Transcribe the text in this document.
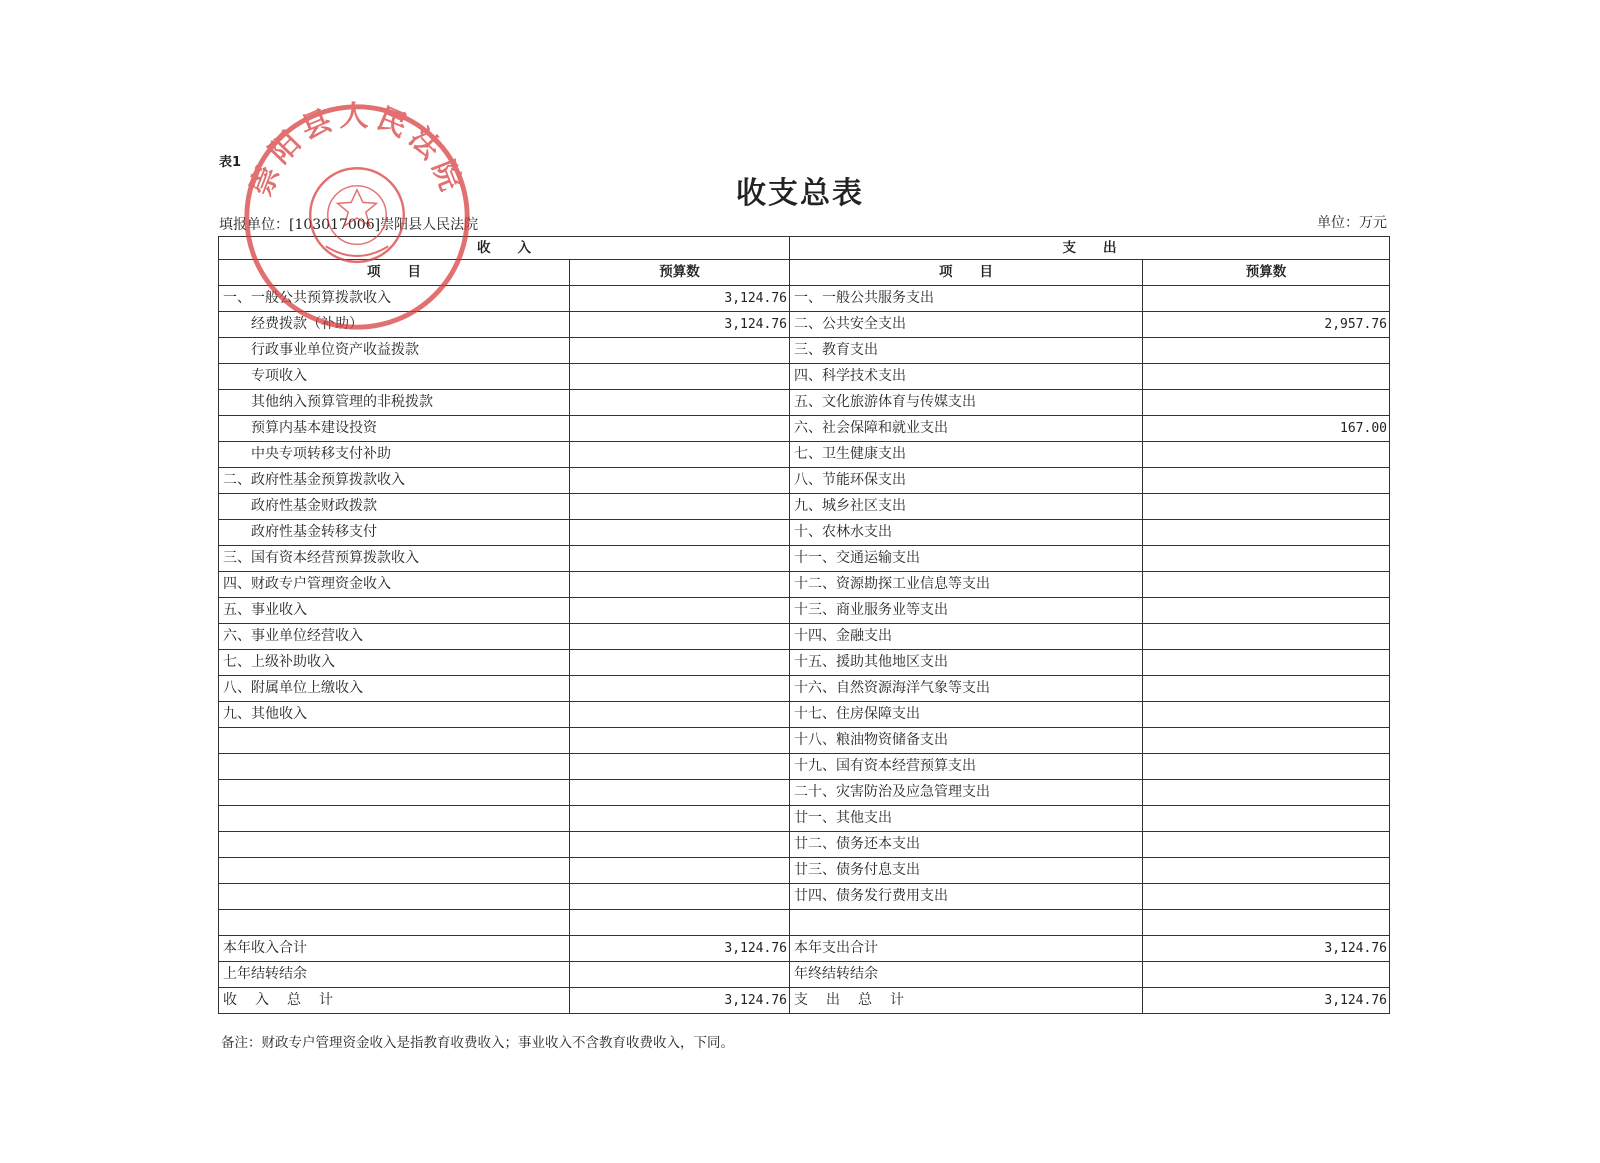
表1
收支总表
填报单位：[103017006]崇阳县人民法院	单位：万元
收　　入		支　　出	
项　　目	预算数	项　　目	预算数
一、一般公共预算拨款收入	3,124.76	一、一般公共服务支出	
经费拨款（补助）	3,124.76	二、公共安全支出	2,957.76
行政事业单位资产收益拨款		三、教育支出	
专项收入		四、科学技术支出	
其他纳入预算管理的非税拨款		五、文化旅游体育与传媒支出	
预算内基本建设投资		六、社会保障和就业支出	167.00
中央专项转移支付补助		七、卫生健康支出	
二、政府性基金预算拨款收入		八、节能环保支出	
政府性基金财政拨款		九、城乡社区支出	
政府性基金转移支付		十、农林水支出	
三、国有资本经营预算拨款收入		十一、交通运输支出	
四、财政专户管理资金收入		十二、资源勘探工业信息等支出	
五、事业收入		十三、商业服务业等支出	
六、事业单位经营收入		十四、金融支出	
七、上级补助收入		十五、援助其他地区支出	
八、附属单位上缴收入		十六、自然资源海洋气象等支出	
九、其他收入		十七、住房保障支出	
		十八、粮油物资储备支出	
		十九、国有资本经营预算支出	
		二十、灾害防治及应急管理支出	
		廿一、其他支出	
		廿二、债务还本支出	
		廿三、债务付息支出	
		廿四、债务发行费用支出	

本年收入合计	3,124.76	本年支出合计	3,124.76
上年结转结余		年终结转结余	
收入总计	3,124.76	支出总计	3,124.76
备注：财政专户管理资金收入是指教育收费收入；事业收入不含教育收费收入，下同。
崇阳县人民法院
